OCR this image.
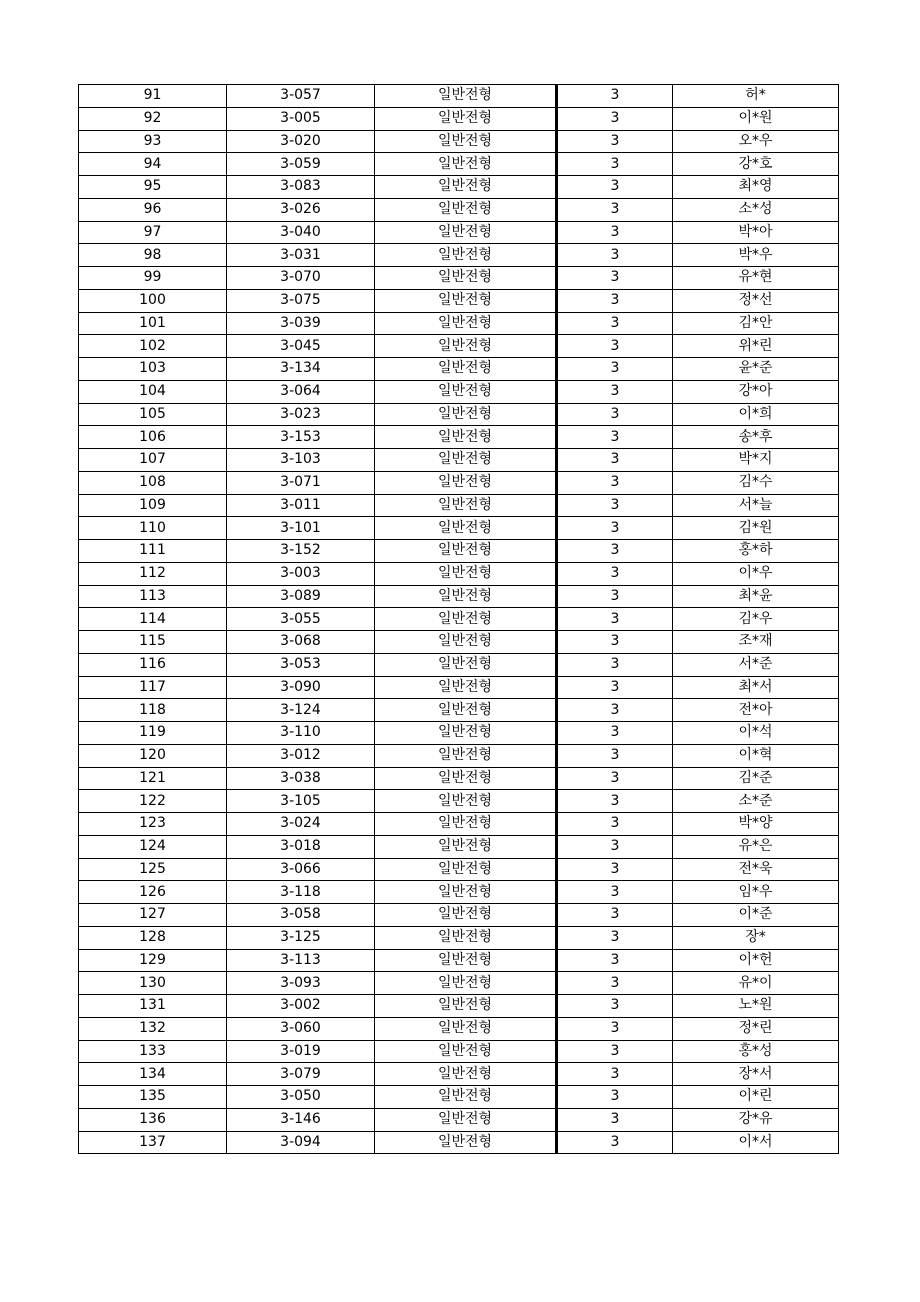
91	3-057	일반전형	3	허*
92	3-005	일반전형	3	이*원
93	3-020	일반전형	3	오*우
94	3-059	일반전형	3	강*호
95	3-083	일반전형	3	최*영
96	3-026	일반전형	3	소*성
97	3-040	일반전형	3	박*아
98	3-031	일반전형	3	박*우
99	3-070	일반전형	3	유*현
100	3-075	일반전형	3	정*선
101	3-039	일반전형	3	김*안
102	3-045	일반전형	3	위*린
103	3-134	일반전형	3	윤*준
104	3-064	일반전형	3	강*아
105	3-023	일반전형	3	이*희
106	3-153	일반전형	3	송*후
107	3-103	일반전형	3	박*지
108	3-071	일반전형	3	김*수
109	3-011	일반전형	3	서*늘
110	3-101	일반전형	3	김*원
111	3-152	일반전형	3	홍*하
112	3-003	일반전형	3	이*우
113	3-089	일반전형	3	최*윤
114	3-055	일반전형	3	김*우
115	3-068	일반전형	3	조*재
116	3-053	일반전형	3	서*준
117	3-090	일반전형	3	최*서
118	3-124	일반전형	3	전*아
119	3-110	일반전형	3	이*석
120	3-012	일반전형	3	이*혁
121	3-038	일반전형	3	김*준
122	3-105	일반전형	3	소*준
123	3-024	일반전형	3	박*양
124	3-018	일반전형	3	유*은
125	3-066	일반전형	3	전*욱
126	3-118	일반전형	3	임*우
127	3-058	일반전형	3	이*준
128	3-125	일반전형	3	장*
129	3-113	일반전형	3	이*헌
130	3-093	일반전형	3	유*이
131	3-002	일반전형	3	노*원
132	3-060	일반전형	3	정*린
133	3-019	일반전형	3	홍*성
134	3-079	일반전형	3	장*서
135	3-050	일반전형	3	이*린
136	3-146	일반전형	3	강*유
137	3-094	일반전형	3	이*서
